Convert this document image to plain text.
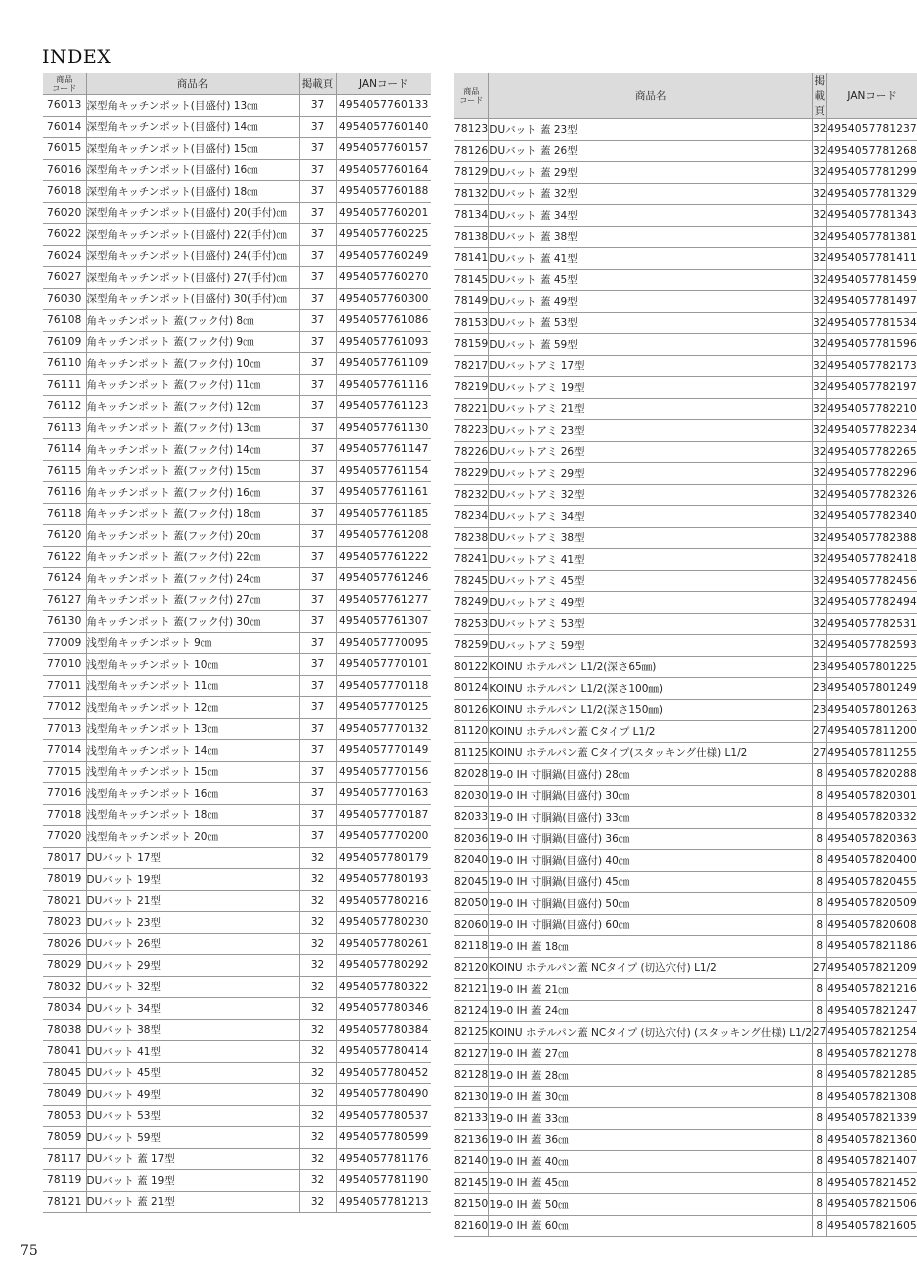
INDEX
商品
コード	商品名	掲載頁	JANコード
76013	深型角キッチンポット(目盛付) 13㎝	37	4954057760133
76014	深型角キッチンポット(目盛付) 14㎝	37	4954057760140
76015	深型角キッチンポット(目盛付) 15㎝	37	4954057760157
76016	深型角キッチンポット(目盛付) 16㎝	37	4954057760164
76018	深型角キッチンポット(目盛付) 18㎝	37	4954057760188
76020	深型角キッチンポット(目盛付) 20(手付)㎝	37	4954057760201
76022	深型角キッチンポット(目盛付) 22(手付)㎝	37	4954057760225
76024	深型角キッチンポット(目盛付) 24(手付)㎝	37	4954057760249
76027	深型角キッチンポット(目盛付) 27(手付)㎝	37	4954057760270
76030	深型角キッチンポット(目盛付) 30(手付)㎝	37	4954057760300
76108	角キッチンポット 蓋(フック付) 8㎝	37	4954057761086
76109	角キッチンポット 蓋(フック付) 9㎝	37	4954057761093
76110	角キッチンポット 蓋(フック付) 10㎝	37	4954057761109
76111	角キッチンポット 蓋(フック付) 11㎝	37	4954057761116
76112	角キッチンポット 蓋(フック付) 12㎝	37	4954057761123
76113	角キッチンポット 蓋(フック付) 13㎝	37	4954057761130
76114	角キッチンポット 蓋(フック付) 14㎝	37	4954057761147
76115	角キッチンポット 蓋(フック付) 15㎝	37	4954057761154
76116	角キッチンポット 蓋(フック付) 16㎝	37	4954057761161
76118	角キッチンポット 蓋(フック付) 18㎝	37	4954057761185
76120	角キッチンポット 蓋(フック付) 20㎝	37	4954057761208
76122	角キッチンポット 蓋(フック付) 22㎝	37	4954057761222
76124	角キッチンポット 蓋(フック付) 24㎝	37	4954057761246
76127	角キッチンポット 蓋(フック付) 27㎝	37	4954057761277
76130	角キッチンポット 蓋(フック付) 30㎝	37	4954057761307
77009	浅型角キッチンポット 9㎝	37	4954057770095
77010	浅型角キッチンポット 10㎝	37	4954057770101
77011	浅型角キッチンポット 11㎝	37	4954057770118
77012	浅型角キッチンポット 12㎝	37	4954057770125
77013	浅型角キッチンポット 13㎝	37	4954057770132
77014	浅型角キッチンポット 14㎝	37	4954057770149
77015	浅型角キッチンポット 15㎝	37	4954057770156
77016	浅型角キッチンポット 16㎝	37	4954057770163
77018	浅型角キッチンポット 18㎝	37	4954057770187
77020	浅型角キッチンポット 20㎝	37	4954057770200
78017	DUバット 17型	32	4954057780179
78019	DUバット 19型	32	4954057780193
78021	DUバット 21型	32	4954057780216
78023	DUバット 23型	32	4954057780230
78026	DUバット 26型	32	4954057780261
78029	DUバット 29型	32	4954057780292
78032	DUバット 32型	32	4954057780322
78034	DUバット 34型	32	4954057780346
78038	DUバット 38型	32	4954057780384
78041	DUバット 41型	32	4954057780414
78045	DUバット 45型	32	4954057780452
78049	DUバット 49型	32	4954057780490
78053	DUバット 53型	32	4954057780537
78059	DUバット 59型	32	4954057780599
78117	DUバット 蓋 17型	32	4954057781176
78119	DUバット 蓋 19型	32	4954057781190
78121	DUバット 蓋 21型	32	4954057781213
商品
コード	商品名	掲載頁	JANコード
78123	DUバット 蓋 23型	32	4954057781237
78126	DUバット 蓋 26型	32	4954057781268
78129	DUバット 蓋 29型	32	4954057781299
78132	DUバット 蓋 32型	32	4954057781329
78134	DUバット 蓋 34型	32	4954057781343
78138	DUバット 蓋 38型	32	4954057781381
78141	DUバット 蓋 41型	32	4954057781411
78145	DUバット 蓋 45型	32	4954057781459
78149	DUバット 蓋 49型	32	4954057781497
78153	DUバット 蓋 53型	32	4954057781534
78159	DUバット 蓋 59型	32	4954057781596
78217	DUバットアミ 17型	32	4954057782173
78219	DUバットアミ 19型	32	4954057782197
78221	DUバットアミ 21型	32	4954057782210
78223	DUバットアミ 23型	32	4954057782234
78226	DUバットアミ 26型	32	4954057782265
78229	DUバットアミ 29型	32	4954057782296
78232	DUバットアミ 32型	32	4954057782326
78234	DUバットアミ 34型	32	4954057782340
78238	DUバットアミ 38型	32	4954057782388
78241	DUバットアミ 41型	32	4954057782418
78245	DUバットアミ 45型	32	4954057782456
78249	DUバットアミ 49型	32	4954057782494
78253	DUバットアミ 53型	32	4954057782531
78259	DUバットアミ 59型	32	4954057782593
80122	KOINU ホテルパン L1/2(深さ65㎜)	23	4954057801225
80124	KOINU ホテルパン L1/2(深さ100㎜)	23	4954057801249
80126	KOINU ホテルパン L1/2(深さ150㎜)	23	4954057801263
81120	KOINU ホテルパン蓋 Cタイプ L1/2	27	4954057811200
81125	KOINU ホテルパン蓋 Cタイプ(スタッキング仕様) L1/2	27	4954057811255
82028	19-0 IH 寸胴鍋(目盛付) 28㎝	8	4954057820288
82030	19-0 IH 寸胴鍋(目盛付) 30㎝	8	4954057820301
82033	19-0 IH 寸胴鍋(目盛付) 33㎝	8	4954057820332
82036	19-0 IH 寸胴鍋(目盛付) 36㎝	8	4954057820363
82040	19-0 IH 寸胴鍋(目盛付) 40㎝	8	4954057820400
82045	19-0 IH 寸胴鍋(目盛付) 45㎝	8	4954057820455
82050	19-0 IH 寸胴鍋(目盛付) 50㎝	8	4954057820509
82060	19-0 IH 寸胴鍋(目盛付) 60㎝	8	4954057820608
82118	19-0 IH 蓋 18㎝	8	4954057821186
82120	KOINU ホテルパン蓋 NCタイプ (切込穴付) L1/2	27	4954057821209
82121	19-0 IH 蓋 21㎝	8	4954057821216
82124	19-0 IH 蓋 24㎝	8	4954057821247
82125	KOINU ホテルパン蓋 NCタイプ (切込穴付) (スタッキング仕様) L1/2	27	4954057821254
82127	19-0 IH 蓋 27㎝	8	4954057821278
82128	19-0 IH 蓋 28㎝	8	4954057821285
82130	19-0 IH 蓋 30㎝	8	4954057821308
82133	19-0 IH 蓋 33㎝	8	4954057821339
82136	19-0 IH 蓋 36㎝	8	4954057821360
82140	19-0 IH 蓋 40㎝	8	4954057821407
82145	19-0 IH 蓋 45㎝	8	4954057821452
82150	19-0 IH 蓋 50㎝	8	4954057821506
82160	19-0 IH 蓋 60㎝	8	4954057821605
75
